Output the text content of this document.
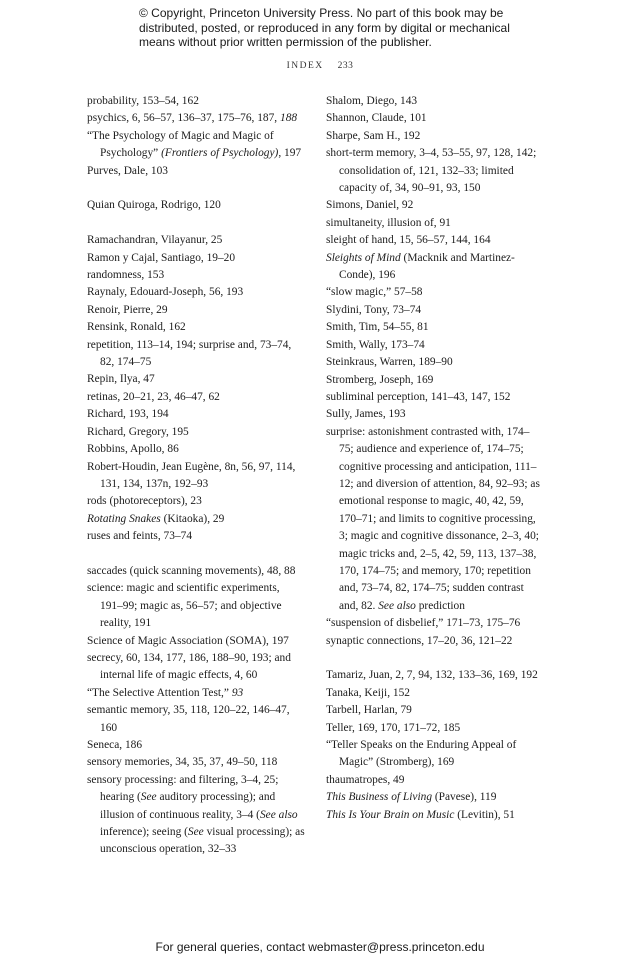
© Copyright, Princeton University Press. No part of this book may be distributed, posted, or reproduced in any form by digital or mechanical means without prior written permission of the publisher.
INDEX 233
probability, 153–54, 162
psychics, 6, 56–57, 136–37, 175–76, 187, 188
“The Psychology of Magic and Magic of Psychology” (Frontiers of Psychology), 197
Purves, Dale, 103
Quian Quiroga, Rodrigo, 120
Ramachandran, Vilayanur, 25
Ramon y Cajal, Santiago, 19–20
randomness, 153
Raynaly, Edouard-Joseph, 56, 193
Renoir, Pierre, 29
Rensink, Ronald, 162
repetition, 113–14, 194; surprise and, 73–74, 82, 174–75
Repin, Ilya, 47
retinas, 20–21, 23, 46–47, 62
Richard, 193, 194
Richard, Gregory, 195
Robbins, Apollo, 86
Robert-Houdin, Jean Eugène, 8n, 56, 97, 114, 131, 134, 137n, 192–93
rods (photoreceptors), 23
Rotating Snakes (Kitaoka), 29
ruses and feints, 73–74
saccades (quick scanning movements), 48, 88
science: magic and scientific experiments, 191–99; magic as, 56–57; and objective reality, 191
Science of Magic Association (SOMA), 197
secrecy, 60, 134, 177, 186, 188–90, 193; and internal life of magic effects, 4, 60
“The Selective Attention Test,” 93
semantic memory, 35, 118, 120–22, 146–47, 160
Seneca, 186
sensory memories, 34, 35, 37, 49–50, 118
sensory processing: and filtering, 3–4, 25; hearing (See auditory processing); and illusion of continuous reality, 3–4 (See also inference); seeing (See visual processing); as unconscious operation, 32–33
Shalom, Diego, 143
Shannon, Claude, 101
Sharpe, Sam H., 192
short-term memory, 3–4, 53–55, 97, 128, 142; consolidation of, 121, 132–33; limited capacity of, 34, 90–91, 93, 150
Simons, Daniel, 92
simultaneity, illusion of, 91
sleight of hand, 15, 56–57, 144, 164
Sleights of Mind (Macknik and Martinez-Conde), 196
“slow magic,” 57–58
Slydini, Tony, 73–74
Smith, Tim, 54–55, 81
Smith, Wally, 173–74
Steinkraus, Warren, 189–90
Stromberg, Joseph, 169
subliminal perception, 141–43, 147, 152
Sully, James, 193
surprise: astonishment contrasted with, 174–75; audience and experience of, 174–75; cognitive processing and anticipation, 111–12; and diversion of attention, 84, 92–93; as emotional response to magic, 40, 42, 59, 170–71; and limits to cognitive processing, 3; magic and cognitive dissonance, 2–3, 40; magic tricks and, 2–5, 42, 59, 113, 137–38, 170, 174–75; and memory, 170; repetition and, 73–74, 82, 174–75; sudden contrast and, 82. See also prediction
“suspension of disbelief,” 171–73, 175–76
synaptic connections, 17–20, 36, 121–22
Tamariz, Juan, 2, 7, 94, 132, 133–36, 169, 192
Tanaka, Keiji, 152
Tarbell, Harlan, 79
Teller, 169, 170, 171–72, 185
“Teller Speaks on the Enduring Appeal of Magic” (Stromberg), 169
thaumatropes, 49
This Business of Living (Pavese), 119
This Is Your Brain on Music (Levitin), 51
For general queries, contact webmaster@press.princeton.edu
